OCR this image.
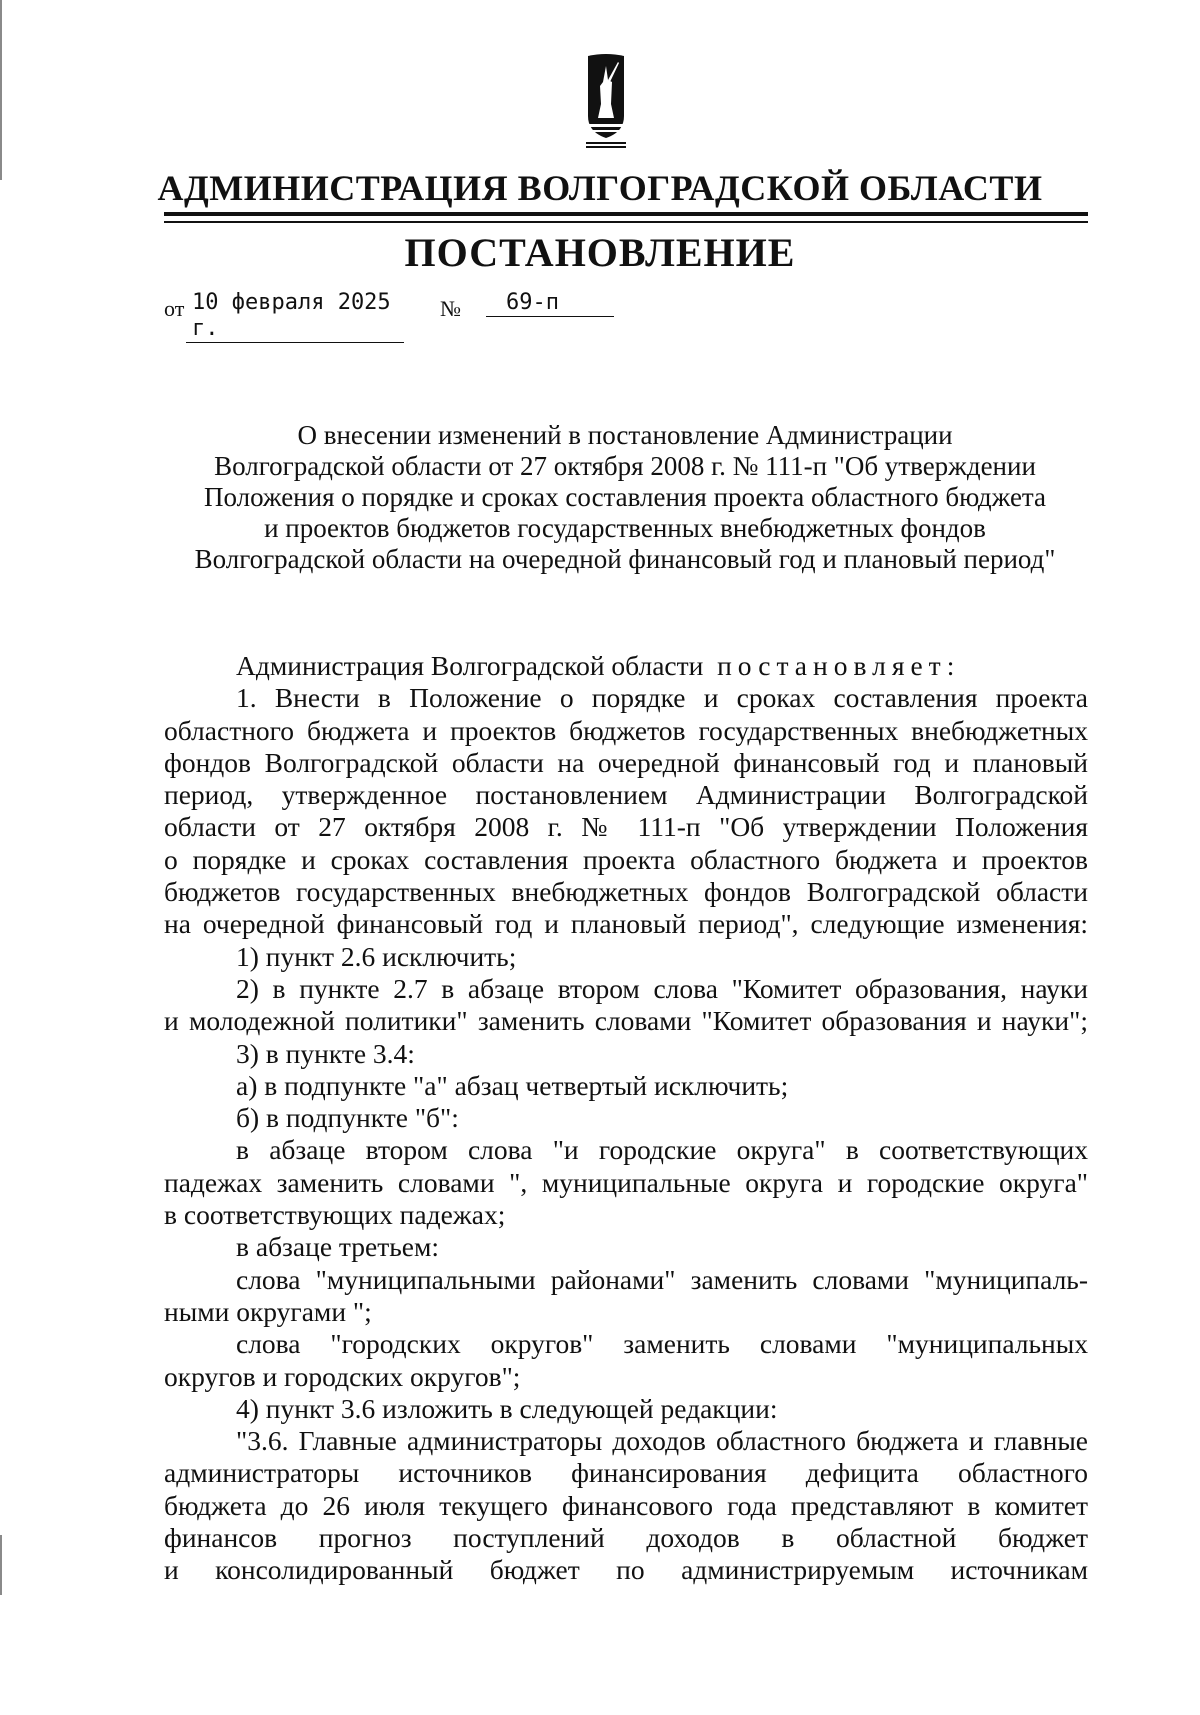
АДМИНИСТРАЦИЯ ВОЛГОГРАДСКОЙ ОБЛАСТИ
ПОСТАНОВЛЕНИЕ
от 10 февраля 2025 г.
№	69-п
О внесении изменений в постановление Администрации
Волгоградской области от 27 октября 2008 г. № 111-п "Об утверждении
Положения о порядке и сроках составления проекта областного бюджета
и проектов бюджетов государственных внебюджетных фондов
Волгоградской области на очередной финансовый год и плановый период"
Администрация Волгоградской области постановляет:
1. Внести в Положение о порядке и сроках составления проекта
областного бюджета и проектов бюджетов государственных внебюджетных
фондов Волгоградской области на очередной финансовый год и плановый
период, утвержденное постановлением Администрации Волгоградской
области от 27 октября 2008 г. № 111-п "Об утверждении Положения
о порядке и сроках составления проекта областного бюджета и проектов
бюджетов государственных внебюджетных фондов Волгоградской области
на очередной финансовый год и плановый период", следующие изменения:
1) пункт 2.6 исключить;
2) в пункте 2.7 в абзаце втором слова "Комитет образования, науки
и молодежной политики" заменить словами "Комитет образования и науки";
3) в пункте 3.4:
а) в подпункте "а" абзац четвертый исключить;
б) в подпункте "б":
в абзаце втором слова "и городские округа" в соответствующих
падежах заменить словами ", муниципальные округа и городские округа"
в соответствующих падежах;
в абзаце третьем:
слова "муниципальными районами" заменить словами "муниципаль-
ными округами ";
слова "городских округов" заменить словами "муниципальных
округов и городских округов";
4) пункт 3.6 изложить в следующей редакции:
"3.6. Главные администраторы доходов областного бюджета и главные
администраторы источников финансирования дефицита областного
бюджета до 26 июля текущего финансового года представляют в комитет
финансов прогноз поступлений доходов в областной бюджет
и консолидированный бюджет по администрируемым источникам
